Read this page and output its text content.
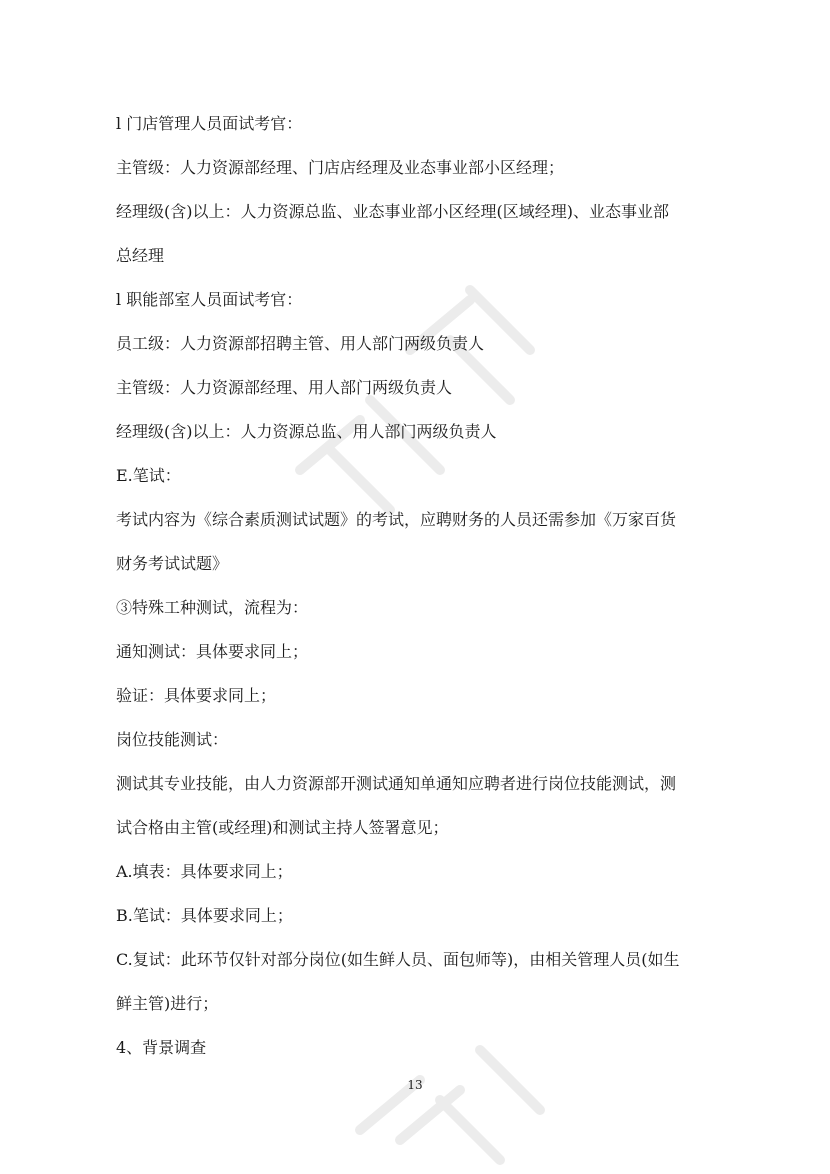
l 门店管理人员面试考官：
主管级：人力资源部经理、门店店经理及业态事业部小区经理；
经理级(含)以上：人力资源总监、业态事业部小区经理(区域经理)、业态事业部
总经理
l 职能部室人员面试考官：
员工级：人力资源部招聘主管、用人部门两级负责人
主管级：人力资源部经理、用人部门两级负责人
经理级(含)以上：人力资源总监、用人部门两级负责人
E.笔试：
考试内容为《综合素质测试试题》的考试，应聘财务的人员还需参加《万家百货
财务考试试题》
③特殊工种测试，流程为：
通知测试：具体要求同上；
验证：具体要求同上；
岗位技能测试：
测试其专业技能，由人力资源部开测试通知单通知应聘者进行岗位技能测试，测
试合格由主管(或经理)和测试主持人签署意见；
A.填表：具体要求同上；
B.笔试：具体要求同上；
C.复试：此环节仅针对部分岗位(如生鲜人员、面包师等)，由相关管理人员(如生
鲜主管)进行；
4、背景调查
13
